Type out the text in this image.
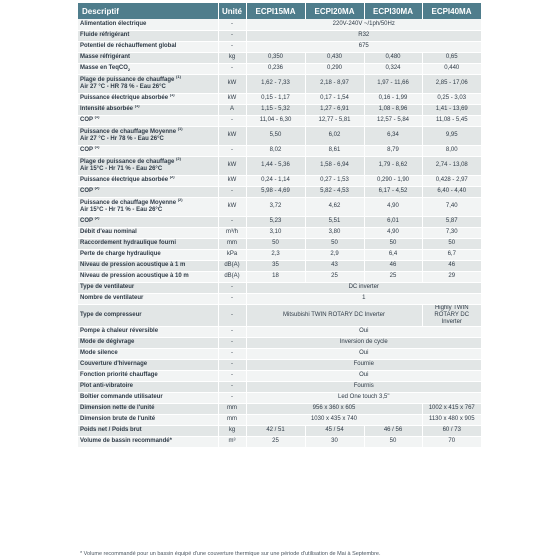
Descriptif	Unité	ECPI15MA	ECPI20MA	ECPI30MA	ECPI40MA
Alimentation électrique	-	220V-240V ~/1ph/50Hz			
Fluide réfrigérant	-	R32			
Potentiel de réchauffement global	-	675			
Masse réfrigérant	kg	0,350	0,430	0,480	0,65
Masse en TeqCO$_2$	-	0,236	0,290	0,324	0,440
Plage de puissance de chauffage $^{(1)}$
Air 27 °C - HR 78 % - Eau 26°C	kW	1,62 - 7,33	2,18 - 8,97	1,97 - 11,66	2,85 - 17,06
Puissance électrique absorbée $^{(1)}$	kW	0,15 - 1,17	0,17 - 1,54	0,16 - 1,99	0,25 - 3,03
Intensité absorbée $^{(1)}$	A	1,15 - 5,32	1,27 - 6,91	1,08 - 8,96	1,41 - 13,69
COP $^{(1)}$	-	11,04 - 6,30	12,77 - 5,81	12,57 - 5,84	11,08 - 5,45
Puissance de chauffage Moyenne $^{(1)}$
Air 27 °C - Hr 78 % - Eau 26°C	kW	5,50	6,02	6,34	9,95
COP $^{(1)}$	-	8,02	8,61	8,79	8,00
Plage de puissance de chauffage $^{(2)}$
Air 15°C - Hr 71 % - Eau 26°C	kW	1,44 - 5,36	1,58 - 6,94	1,79 - 8,62	2,74 - 13,08
Puissance électrique absorbée $^{(2)}$	kW	0,24 - 1,14	0,27 - 1,53	0,290 - 1,90	0,428 - 2,97
COP $^{(2)}$	-	5,98 - 4,69	5,82 - 4,53	6,17 - 4,52	6,40 - 4,40
Puissance de chauffage Moyenne $^{(2)}$
Air 15°C - Hr 71 % - Eau 26°C	kW	3,72	4,62	4,90	7,40
COP $^{(2)}$	-	5,23	5,51	6,01	5,87
Débit d'eau nominal	m³/h	3,10	3,80	4,90	7,30
Raccordement hydraulique fourni	mm	50	50	50	50
Perte de charge hydraulique	kPa	2,3	2,9	6,4	6,7
Niveau de pression acoustique à 1 m	dB(A)	35	43	46	46
Niveau de pression acoustique à 10 m	dB(A)	18	25	25	29
Type de ventilateur	-	DC inverter			
Nombre de ventilateur	-	1			
Type de compresseur	-	Mitsubishi TWIN ROTARY DC Inverter			Highly TWIN ROTARY DC Inverter
Pompe à chaleur réversible	-	Oui			
Mode de dégivrage	-	Inversion de cycle			
Mode silence	-	Oui			
Couverture d'hivernage	-	Fournie			
Fonction priorité chauffage	-	Oui			
Plot anti-vibratoire	-	Fournis			
Boîtier commande utilisateur	-	Led One touch 3,5"			
Dimension nette de l'unité	mm	956 x 360 x 605			1002 x 415 x 767
Dimension brute de l'unité	mm	1030 x 435 x 740			1130 x 480 x 905
Poids net / Poids brut	kg	42 / 51	45 / 54	46 / 56	60 / 73
Volume de bassin recommandé*	m³	25	30	50	70
* Volume recommandé pour un bassin équipé d'une couverture thermique sur une période d'utilisation de Mai à Septembre.
